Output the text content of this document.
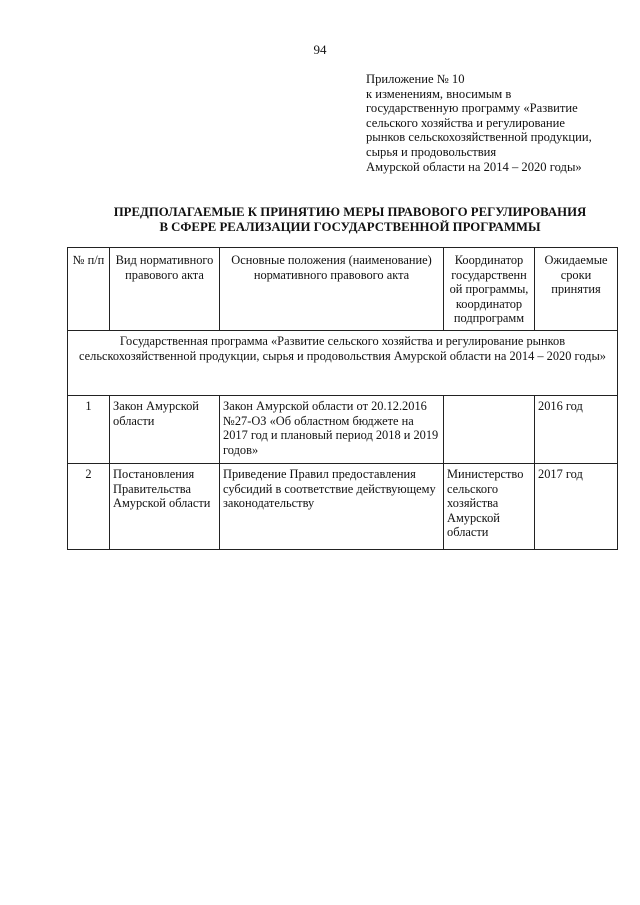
94
Приложение № 10
к изменениям, вносимым в
государственную программу «Развитие
сельского хозяйства и регулирование
рынков сельскохозяйственной продукции,
сырья и продовольствия
Амурской области на 2014 – 2020 годы»
ПРЕДПОЛАГАЕМЫЕ К ПРИНЯТИЮ МЕРЫ ПРАВОВОГО РЕГУЛИРОВАНИЯ
В СФЕРЕ РЕАЛИЗАЦИИ ГОСУДАРСТВЕННОЙ ПРОГРАММЫ
№ п/п	Вид нормативного правового акта	Основные положения (наименование) нормативного правового акта	Координатор государственн ой программы, координатор подпрограмм	Ожидаемые сроки принятия
Государственная программа «Развитие сельского хозяйства и регулирование рынков сельскохозяйственной продукции, сырья и продовольствия Амурской области на 2014 – 2020 годы»				
1	Закон Амурской области	Закон Амурской области от 20.12.2016 №27-ОЗ «Об областном бюджете на 2017 год и плановый период 2018 и 2019 годов»		2016 год
2	Постановления Правительства Амурской области	Приведение Правил предоставления субсидий в соответствие действующему законодательству	Министерство сельского хозяйства Амурской области	2017 год
